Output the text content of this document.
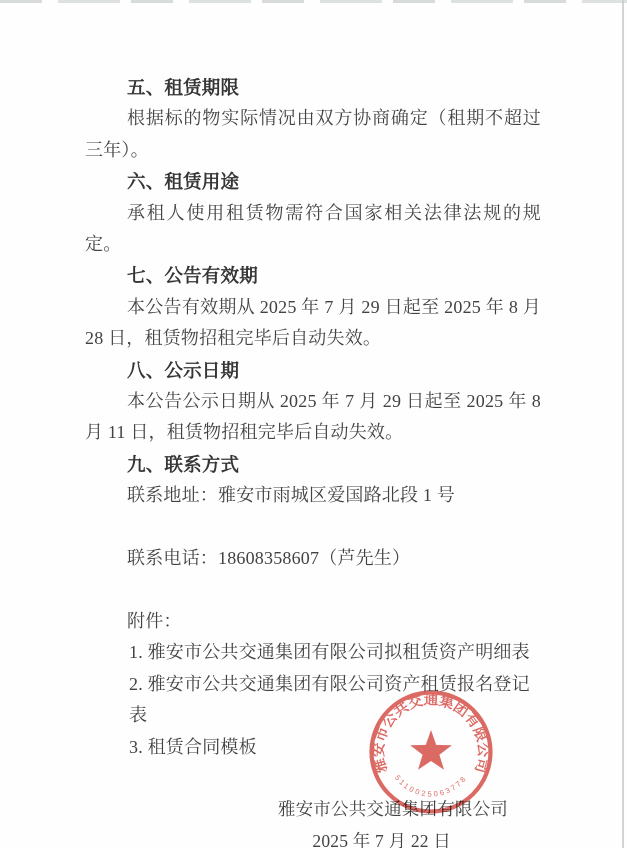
五、租赁期限
根据标的物实际情况由双方协商确定（租期不超过三年）。
六、租赁用途
承租人使用租赁物需符合国家相关法律法规的规定。
七、公告有效期
本公告有效期从 2025 年 7 月 29 日起至 2025 年 8 月 28 日，租赁物招租完毕后自动失效。
八、公示日期
本公告公示日期从 2025 年 7 月 29 日起至 2025 年 8 月 11 日，租赁物招租完毕后自动失效。
九、联系方式
联系地址：雅安市雨城区爱国路北段 1 号
联系电话：18608358607（芦先生）
附件：
1. 雅安市公共交通集团有限公司拟租赁资产明细表
2. 雅安市公共交通集团有限公司资产租赁报名登记表
3. 租赁合同模板
雅安市公共交通集团有限公司
2025 年 7 月 22 日
雅安市公共交通集团有限公司
5110025063778
